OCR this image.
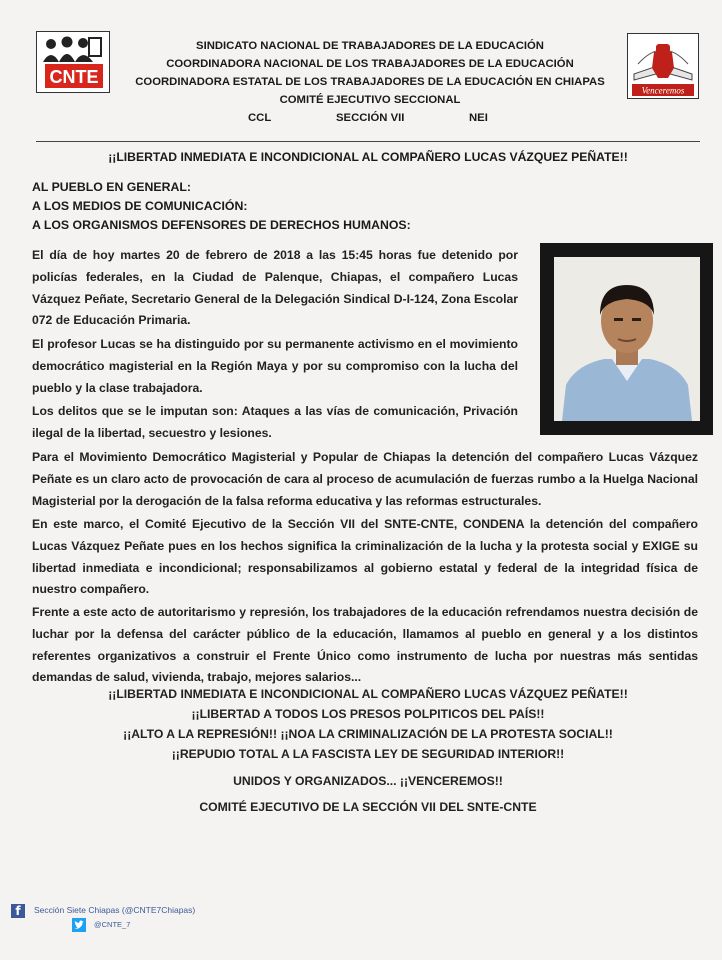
CNTE
Venceremos
SINDICATO NACIONAL DE TRABAJADORES DE LA EDUCACIÓN
COORDINADORA NACIONAL DE LOS TRABAJADORES DE LA EDUCACIÓN
COORDINADORA ESTATAL DE LOS TRABAJADORES DE LA EDUCACIÓN EN CHIAPAS
COMITÉ EJECUTIVO SECCIONAL
CCL	SECCIÓN VII	NEI
¡¡LIBERTAD INMEDIATA E INCONDICIONAL AL COMPAÑERO LUCAS VÁZQUEZ PEÑATE!!
AL PUEBLO EN GENERAL:
A LOS MEDIOS DE COMUNICACIÓN:
A LOS ORGANISMOS DEFENSORES DE DERECHOS HUMANOS:
El día de hoy martes 20 de febrero de 2018 a las 15:45 horas fue detenido por policías federales, en la Ciudad de Palenque, Chiapas, el compañero Lucas Vázquez Peñate, Secretario General de la Delegación Sindical D-I-124, Zona Escolar 072 de Educación Primaria.
El profesor Lucas se ha distinguido por su permanente activismo en el movimiento democrático magisterial en la Región Maya y por su compromiso con la lucha del pueblo y la clase trabajadora.
Los delitos que se le imputan son: Ataques a las vías de comunicación, Privación ilegal de la libertad, secuestro y lesiones.
Para el Movimiento Democrático Magisterial y Popular de Chiapas la detención del compañero Lucas Vázquez Peñate es un claro acto de provocación de cara al proceso de acumulación de fuerzas rumbo a la Huelga Nacional Magisterial por la derogación de la falsa reforma educativa y las reformas estructurales.
En este marco, el Comité Ejecutivo de la Sección VII del SNTE-CNTE, CONDENA la detención del compañero Lucas Vázquez Peñate pues en los hechos significa la criminalización de la lucha y la protesta social y EXIGE su libertad inmediata e incondicional; responsabilizamos al gobierno estatal y federal de la integridad física de nuestro compañero.
Frente a este acto de autoritarismo y represión, los trabajadores de la educación refrendamos nuestra decisión de luchar por la defensa del carácter público de la educación, llamamos al pueblo en general y a los distintos referentes organizativos a construir el Frente Único como instrumento de lucha por nuestras más sentidas demandas de salud, vivienda, trabajo, mejores salarios...
¡¡LIBERTAD INMEDIATA E INCONDICIONAL AL COMPAÑERO LUCAS VÁZQUEZ PEÑATE!!
¡¡LIBERTAD A TODOS LOS PRESOS POLPITICOS DEL PAÍS!!
¡¡ALTO A LA REPRESIÓN!! ¡¡NOA LA CRIMINALIZACIÓN DE LA PROTESTA SOCIAL!!
¡¡REPUDIO TOTAL A LA FASCISTA LEY DE SEGURIDAD INTERIOR!!
UNIDOS Y ORGANIZADOS... ¡¡VENCEREMOS!!
COMITÉ EJECUTIVO DE LA SECCIÓN VII DEL SNTE-CNTE
f	Sección Siete Chiapas (@CNTE7Chiapas)
@CNTE_7
